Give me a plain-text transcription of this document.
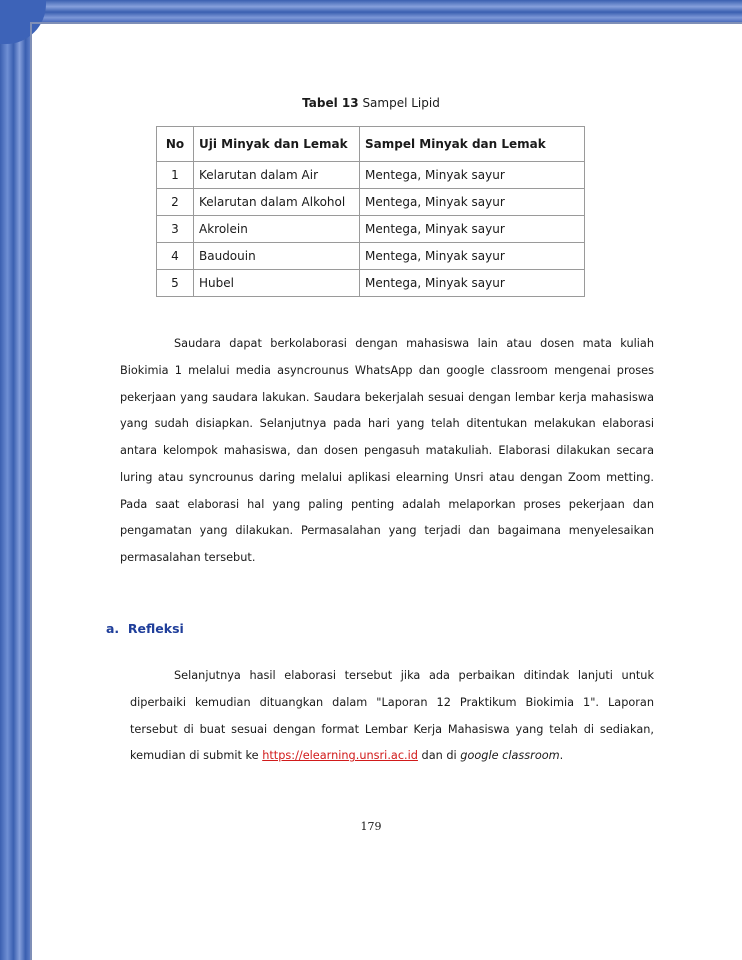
Tabel 13 Sampel Lipid
No	Uji Minyak dan Lemak	Sampel Minyak dan Lemak
1	Kelarutan dalam Air	Mentega, Minyak sayur
2	Kelarutan dalam Alkohol	Mentega, Minyak sayur
3	Akrolein	Mentega, Minyak sayur
4	Baudouin	Mentega, Minyak sayur
5	Hubel	Mentega, Minyak sayur

Saudara dapat berkolaborasi dengan mahasiswa lain atau dosen mata kuliah Biokimia 1 melalui media asyncrounus WhatsApp dan google classroom mengenai proses pekerjaan yang saudara lakukan. Saudara bekerjalah sesuai dengan lembar kerja mahasiswa yang sudah disiapkan. Selanjutnya pada hari yang telah ditentukan melakukan elaborasi antara kelompok mahasiswa, dan dosen pengasuh matakuliah. Elaborasi dilakukan secara luring atau syncrounus daring melalui aplikasi elearning Unsri atau dengan Zoom metting. Pada saat elaborasi hal yang paling penting adalah melaporkan proses pekerjaan dan pengamatan yang dilakukan. Permasalahan yang terjadi dan bagaimana menyelesaikan permasalahan tersebut.

a. Refleksi

Selanjutnya hasil elaborasi tersebut jika ada perbaikan ditindak lanjuti untuk diperbaiki kemudian dituangkan dalam "Laporan 12 Praktikum Biokimia 1". Laporan tersebut di buat sesuai dengan format Lembar Kerja Mahasiswa yang telah di sediakan, kemudian di submit ke https://elearning.unsri.ac.id dan di google classroom.

179
